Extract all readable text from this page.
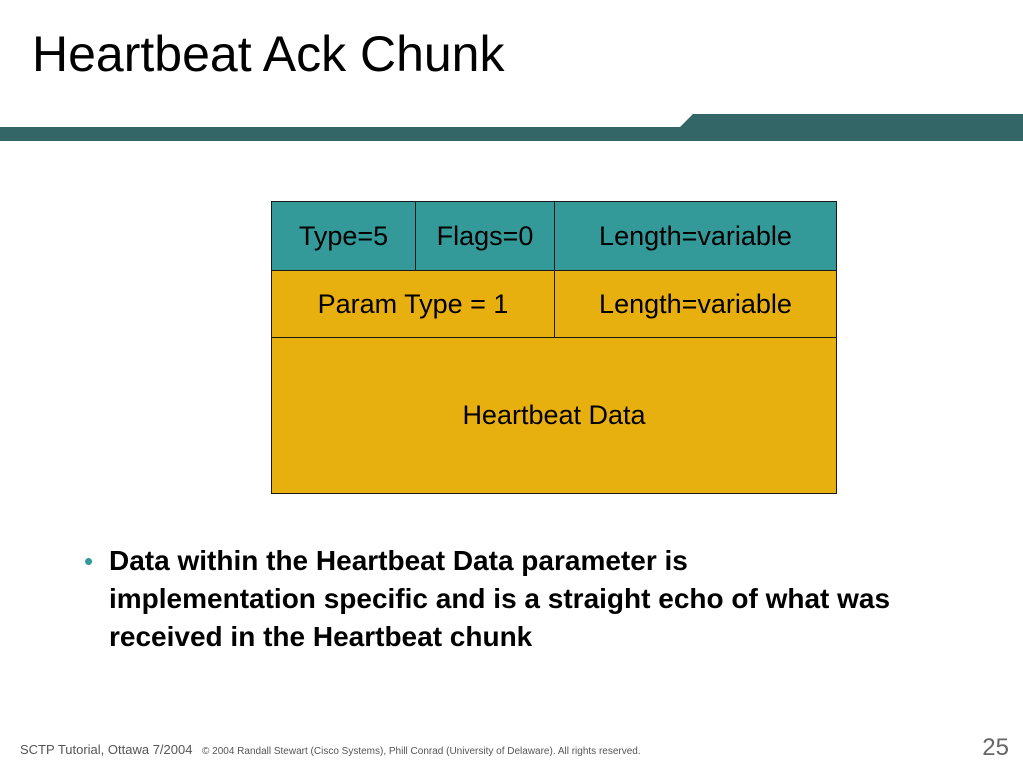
Heartbeat Ack Chunk
Type=5 Flags=0 Length=variable
Param Type = 1	Length=variable
Heartbeat Data
• Data within the Heartbeat Data parameter is implementation specific and is a straight echo of what was received in the Heartbeat chunk
SCTP Tutorial, Ottawa 7/2004 © 2004 Randall Stewart (Cisco Systems), Phill Conrad (University of Delaware). All rights reserved.	25
